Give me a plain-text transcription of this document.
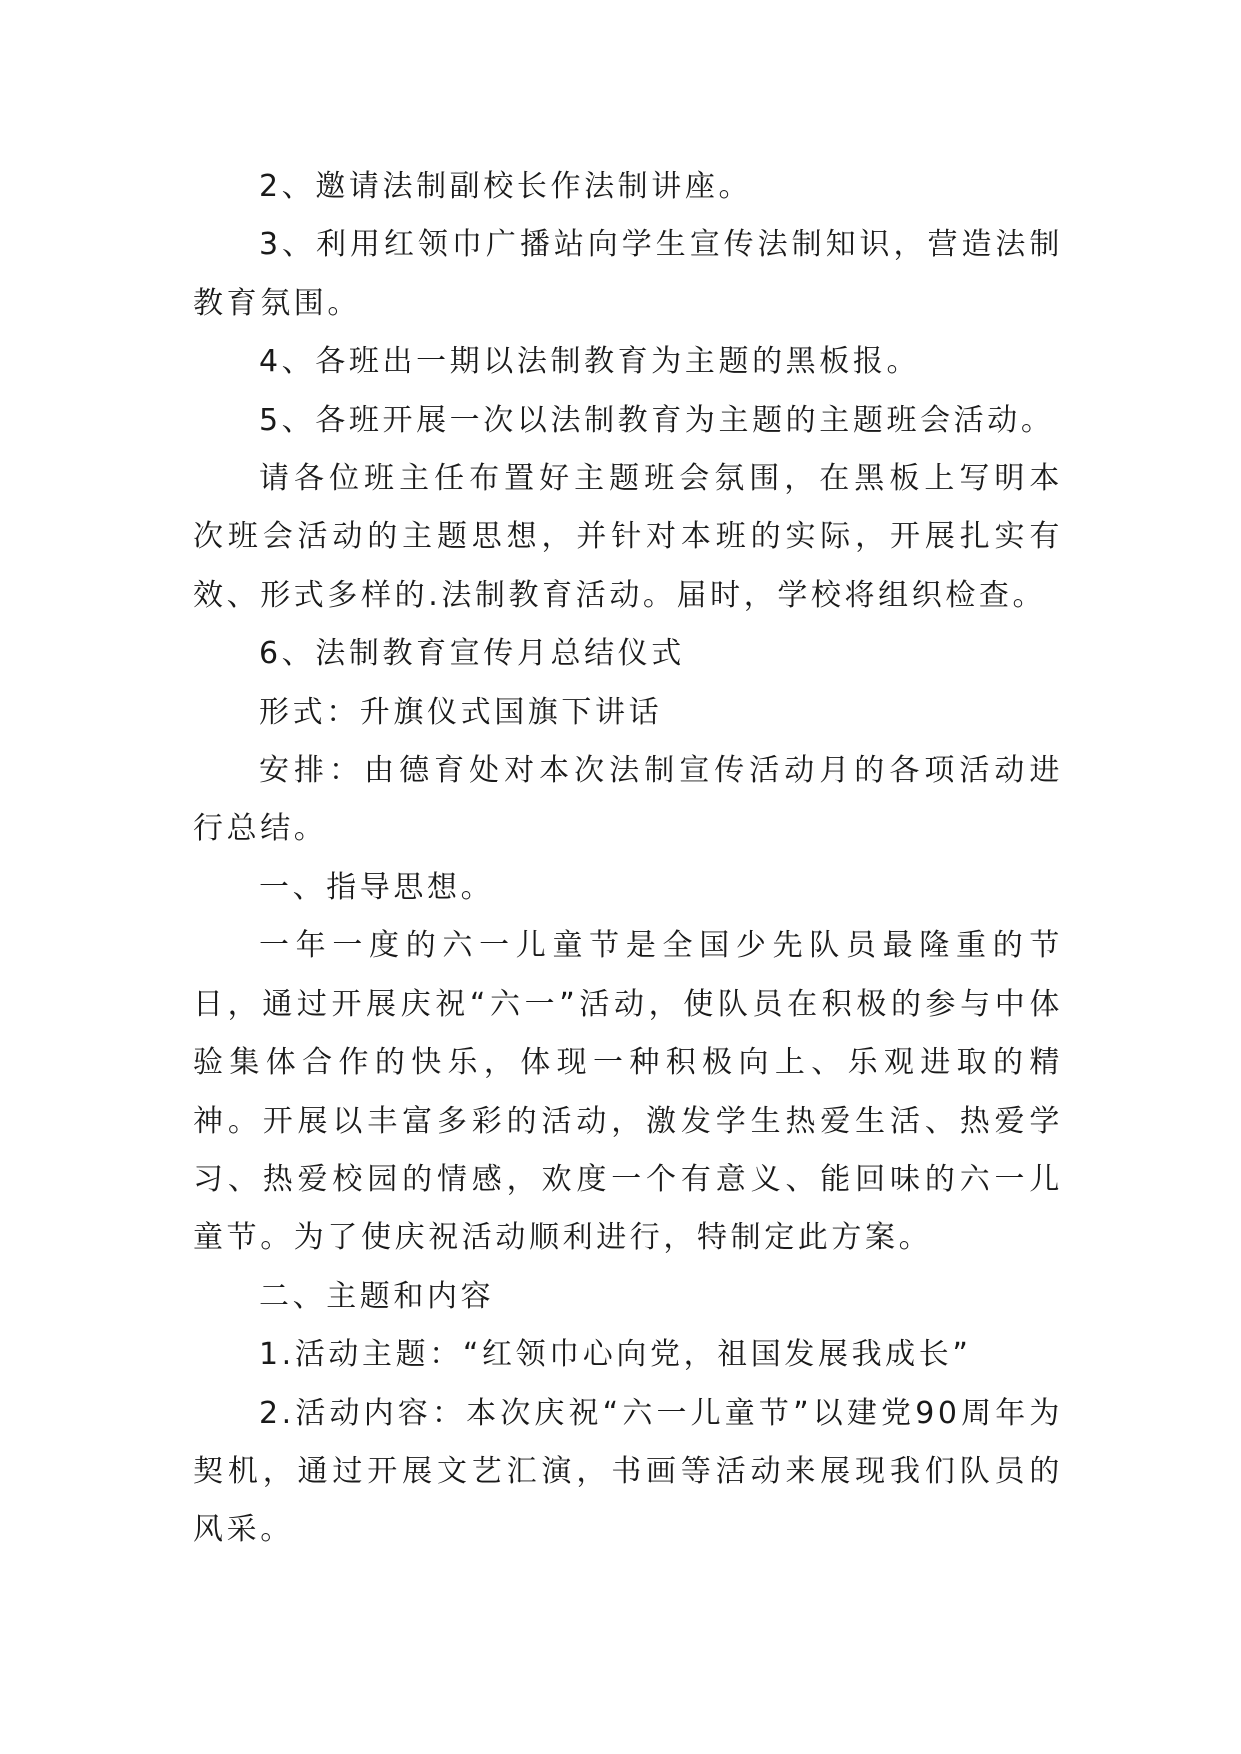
2、邀请法制副校长作法制讲座。

3、利用红领巾广播站向学生宣传法制知识，营造法制教育氛围。

4、各班出一期以法制教育为主题的黑板报。

5、各班开展一次以法制教育为主题的主题班会活动。

请各位班主任布置好主题班会氛围，在黑板上写明本次班会活动的主题思想，并针对本班的实际，开展扎实有效、形式多样的.法制教育活动。届时，学校将组织检查。

6、法制教育宣传月总结仪式

形式：升旗仪式国旗下讲话

安排：由德育处对本次法制宣传活动月的各项活动进行总结。

一、指导思想。

一年一度的六一儿童节是全国少先队员最隆重的节日，通过开展庆祝“六一”活动，使队员在积极的参与中体验集体合作的快乐，体现一种积极向上、乐观进取的精神。开展以丰富多彩的活动，激发学生热爱生活、热爱学习、热爱校园的情感，欢度一个有意义、能回味的六一儿童节。为了使庆祝活动顺利进行，特制定此方案。

二、主题和内容

1.活动主题：“红领巾心向党，祖国发展我成长”

2.活动内容：本次庆祝“六一儿童节”以建党90周年为契机，通过开展文艺汇演，书画等活动来展现我们队员的风采。
